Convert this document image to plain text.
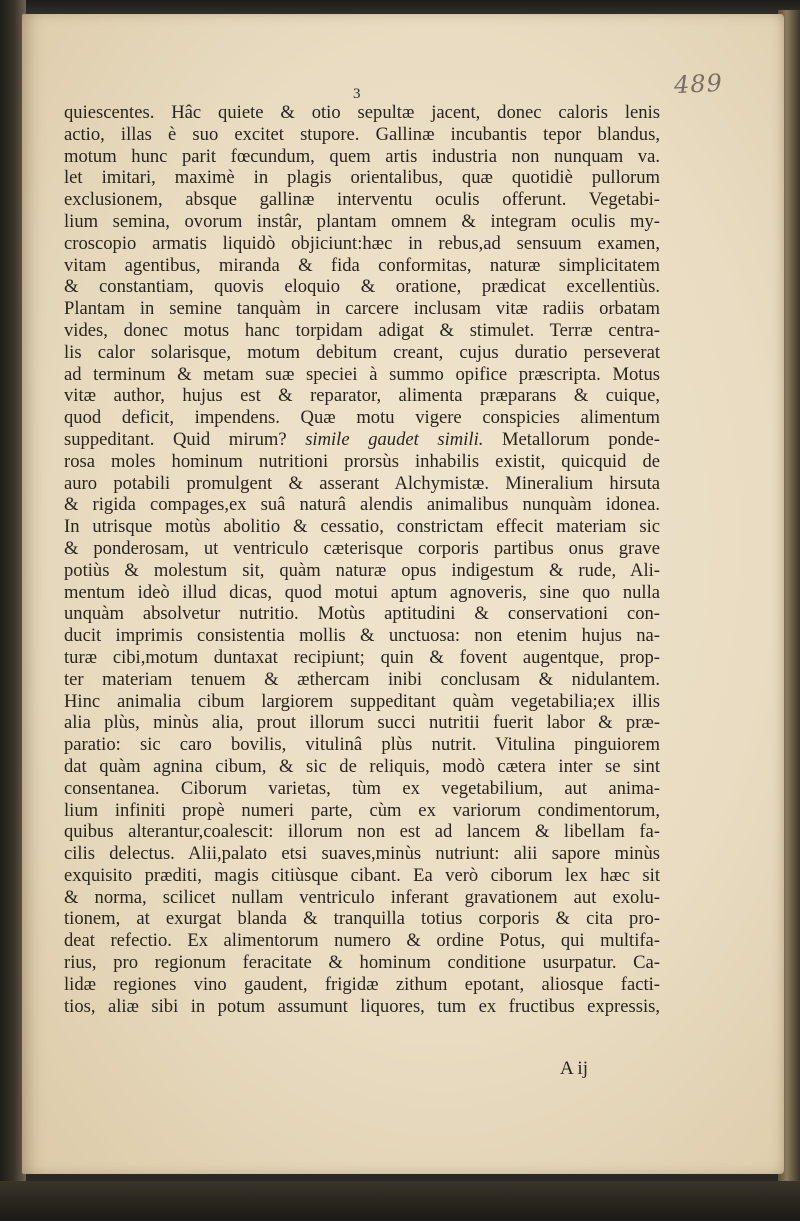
489
3
quiescentes. Hâc quiete & otio sepultæ jacent, donec caloris lenis
actio, illas è suo excitet stupore. Gallinæ incubantis tepor blandus,
motum hunc parit fœcundum, quem artis industria non nunquam va.
let imitari, maximè in plagis orientalibus, quæ quotidiè pullorum
exclusionem, absque gallinæ interventu oculis offerunt. Vegetabi-
lium semina, ovorum instâr, plantam omnem & integram oculis my-
croscopio armatis liquidò objiciunt:hæc in rebus,ad sensuum examen,
vitam agentibus, miranda & fida conformitas, naturæ simplicitatem
& constantiam, quovis eloquio & oratione, prædicat excellentiùs.
Plantam in semine tanquàm in carcere inclusam vitæ radiis orbatam
vides, donec motus hanc torpidam adigat & stimulet. Terræ centra-
lis calor solarisque, motum debitum creant, cujus duratio perseverat
ad terminum & metam suæ speciei à summo opifice præscripta. Motus
vitæ author, hujus est & reparator, alimenta præparans & cuique,
quod deficit, impendens. Quæ motu vigere conspicies alimentum
suppeditant. Quid mirum? simile gaudet simili. Metallorum ponde-
rosa moles hominum nutritioni prorsùs inhabilis existit, quicquid de
auro potabili promulgent & asserant Alchymistæ. Mineralium hirsuta
& rigida compages,ex suâ naturâ alendis animalibus nunquàm idonea.
In utrisque motùs abolitio & cessatio, constrictam effecit materiam sic
& ponderosam, ut ventriculo cæterisque corporis partibus onus grave
potiùs & molestum sit, quàm naturæ opus indigestum & rude, Ali-
mentum ideò illud dicas, quod motui aptum agnoveris, sine quo nulla
unquàm absolvetur nutritio. Motùs aptitudini & conservationi con-
ducit imprimis consistentia mollis & unctuosa: non etenim hujus na-
turæ cibi,motum duntaxat recipiunt; quin & fovent augentque, prop-
ter materiam tenuem & æthercam inibi conclusam & nidulantem.
Hinc animalia cibum largiorem suppeditant quàm vegetabilia;ex illis
alia plùs, minùs alia, prout illorum succi nutritii fuerit labor & præ-
paratio: sic caro bovilis, vitulinâ plùs nutrit. Vitulina pinguiorem
dat quàm agnina cibum, & sic de reliquis, modò cætera inter se sint
consentanea. Ciborum varietas, tùm ex vegetabilium, aut anima-
lium infiniti propè numeri parte, cùm ex variorum condimentorum,
quibus alterantur,coalescit: illorum non est ad lancem & libellam fa-
cilis delectus. Alii,palato etsi suaves,minùs nutriunt: alii sapore minùs
exquisito præditi, magis citiùsque cibant. Ea verò ciborum lex hæc sit
& norma, scilicet nullam ventriculo inferant gravationem aut exolu-
tionem, at exurgat blanda & tranquilla totius corporis & cita pro-
deat refectio. Ex alimentorum numero & ordine Potus, qui multifa-
rius, pro regionum feracitate & hominum conditione usurpatur. Ca-
lidæ regiones vino gaudent, frigidæ zithum epotant, aliosque facti-
tios, aliæ sibi in potum assumunt liquores, tum ex fructibus expressis,
A ij
